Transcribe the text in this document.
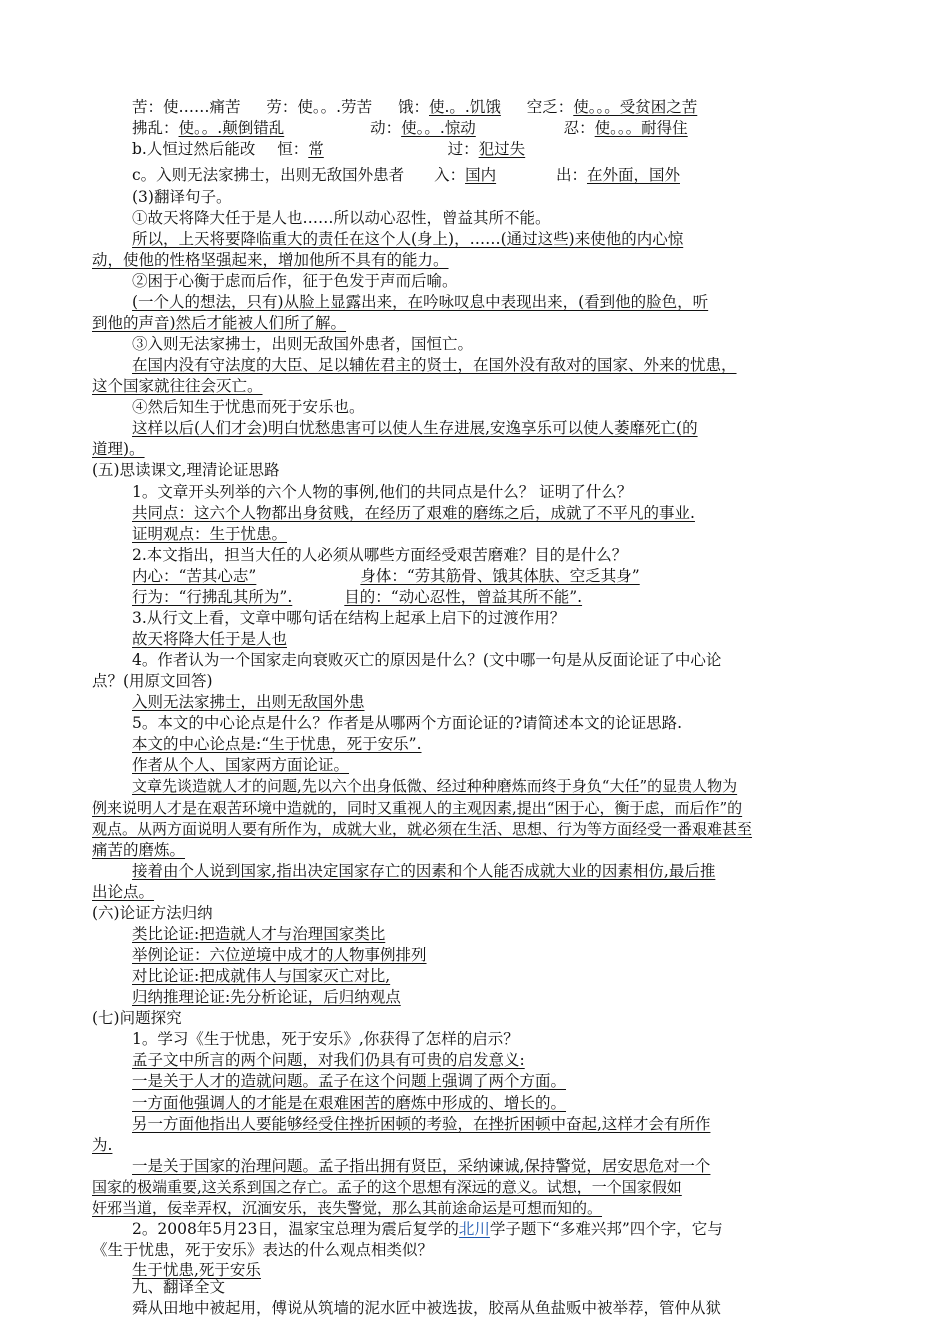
苦：使……痛苦 劳：使。。.劳苦 饿：使.。.饥饿 空乏：使。。。受贫困之苦
拂乱：使。。.颠倒错乱	动：使。。.惊动	忍：使。。。耐得住
b.人恒过然后能改 恒：常	过：犯过失
c。入则无法家拂士，出则无敌国外患者 入：国内	出：在外面，国外
(3)翻译句子。
①故天将降大任于是人也……所以动心忍性，曾益其所不能。
所以，上天将要降临重大的责任在这个人(身上)，……(通过这些)来使他的内心惊
动，使他的性格坚强起来，增加他所不具有的能力。
②困于心衡于虑而后作，征于色发于声而后喻。
(一个人的想法，只有)从脸上显露出来，在吟咏叹息中表现出来，(看到他的脸色，听
到他的声音)然后才能被人们所了解。
③入则无法家拂士，出则无敌国外患者，国恒亡。
在国内没有守法度的大臣、足以辅佐君主的贤士，在国外没有敌对的国家、外来的忧患，
这个国家就往往会灭亡。
④然后知生于忧患而死于安乐也。
这样以后(人们才会)明白忧愁患害可以使人生存进展,安逸享乐可以使人萎靡死亡(的
道理)。
(五)思读课文,理清论证思路
1。文章开头列举的六个人物的事例,他们的共同点是什么？ 证明了什么？
共同点：这六个人物都出身贫贱，在经历了艰难的磨练之后，成就了不平凡的事业.
证明观点：生于忧患。
2.本文指出，担当大任的人必须从哪些方面经受艰苦磨难？目的是什么？
内心：“苦其心志”	身体：“劳其筋骨、饿其体肤、空乏其身”
行为：“行拂乱其所为”.	目的：“动心忍性，曾益其所不能”.
3.从行文上看，文章中哪句话在结构上起承上启下的过渡作用？
故天将降大任于是人也
4。作者认为一个国家走向衰败灭亡的原因是什么？(文中哪一句是从反面论证了中心论
点？(用原文回答)
入则无法家拂士，出则无敌国外患
5。本文的中心论点是什么？作者是从哪两个方面论证的?请简述本文的论证思路.
本文的中心论点是:“生于忧患，死于安乐”.
作者从个人、国家两方面论证。
文章先谈造就人才的问题,先以六个出身低微、经过种种磨炼而终于身负“大任”的显贵人物为
例来说明人才是在艰苦环境中造就的，同时又重视人的主观因素,提出“困于心，衡于虑，而后作”的
观点。从两方面说明人要有所作为，成就大业，就必须在生活、思想、行为等方面经受一番艰难甚至
痛苦的磨炼。
接着由个人说到国家,指出决定国家存亡的因素和个人能否成就大业的因素相仿,最后推
出论点。
(六)论证方法归纳
类比论证:把造就人才与治理国家类比
举例论证：六位逆境中成才的人物事例排列
对比论证:把成就伟人与国家灭亡对比,
归纳推理论证:先分析论证，后归纳观点
(七)问题探究
1。学习《生于忧患，死于安乐》,你获得了怎样的启示？
孟子文中所言的两个问题，对我们仍具有可贵的启发意义:
一是关于人才的造就问题。孟子在这个问题上强调了两个方面。
一方面他强调人的才能是在艰难困苦的磨炼中形成的、增长的。
另一方面他指出人要能够经受住挫折困顿的考验，在挫折困顿中奋起,这样才会有所作
为.
一是关于国家的治理问题。孟子指出拥有贤臣，采纳谏诚,保持警觉，居安思危对一个
国家的极端重要,这关系到国之存亡。孟子的这个思想有深远的意义。试想，一个国家假如
奸邪当道，佞幸弄权，沉湎安乐，丧失警觉，那么其前途命运是可想而知的。
2。2008年5月23日，温家宝总理为震后复学的北川学子题下“多难兴邦”四个字，它与
《生于忧患，死于安乐》表达的什么观点相类似？
生于忧患,死于安乐
九、翻译全文
舜从田地中被起用，傅说从筑墙的泥水匠中被选拔，胶鬲从鱼盐贩中被举荐，管仲从狱
